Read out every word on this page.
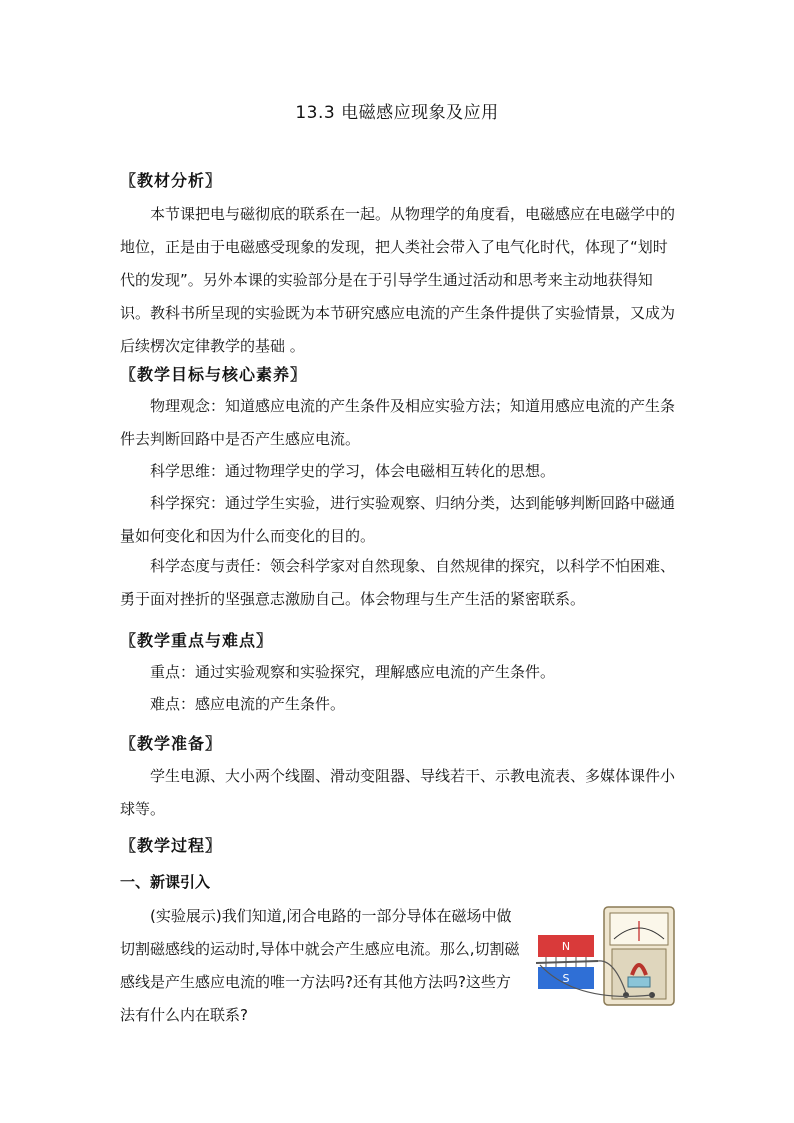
13.3 电磁感应现象及应用
〖教材分析〗

本节课把电与磁彻底的联系在一起。从物理学的角度看，电磁感应在电磁学中的地位，正是由于电磁感受现象的发现，把人类社会带入了电气化时代，体现了“划时代的发现”。另外本课的实验部分是在于引导学生通过活动和思考来主动地获得知识。教科书所呈现的实验既为本节研究感应电流的产生条件提供了实验情景，又成为后续楞次定律教学的基础 。

〖教学目标与核心素养〗

物理观念：知道感应电流的产生条件及相应实验方法；知道用感应电流的产生条件去判断回路中是否产生感应电流。

科学思维：通过物理学史的学习，体会电磁相互转化的思想。

科学探究：通过学生实验，进行实验观察、归纳分类，达到能够判断回路中磁通量如何变化和因为什么而变化的目的。

科学态度与责任：领会科学家对自然现象、自然规律的探究，以科学不怕困难、勇于面对挫折的坚强意志激励自己。体会物理与生产生活的紧密联系。

〖教学重点与难点〗

重点：通过实验观察和实验探究，理解感应电流的产生条件。

难点：感应电流的产生条件。

〖教学准备〗

学生电源、大小两个线圈、滑动变阻器、导线若干、示教电流表、多媒体课件小球等。

〖教学过程〗
一、新课引入

(实验展示)我们知道,闭合电路的一部分导体在磁场中做切割磁感线的运动时,导体中就会产生感应电流。那么,切割磁感线是产生感应电流的唯一方法吗?还有其他方法吗?这些方法有什么内在联系?

N
S
